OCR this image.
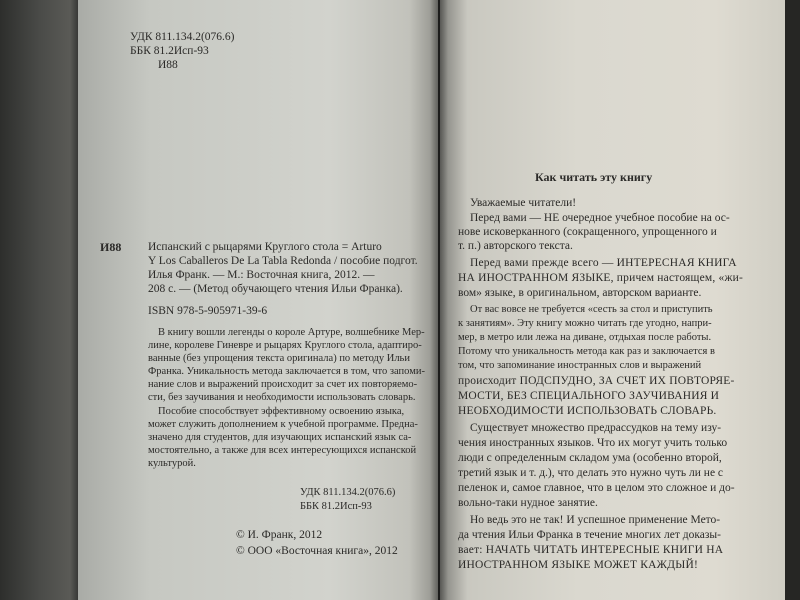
УДК 811.134.2(076.6)
ББК 81.2Исп-93
И88
И88 Испанский с рыцарями Круглого стола = Arturo
Y Los Caballeros De La Tabla Redonda / пособие подгот.
Илья Франк. — М.: Восточная книга, 2012. —
208 с. — (Метод обучающего чтения Ильи Франка).
ISBN 978-5-905971-39-6
В книгу вошли легенды о короле Артуре, волшебнике Мер-
лине, королеве Гиневре и рыцарях Круглого стола, адаптиро-
ванные (без упрощения текста оригинала) по методу Ильи
Франка. Уникальность метода заключается в том, что запоми-
нание слов и выражений происходит за счет их повторяемо-
сти, без заучивания и необходимости использовать словарь.
Пособие способствует эффективному освоению языка,
может служить дополнением к учебной программе. Предна-
значено для студентов, для изучающих испанский язык са-
мостоятельно, а также для всех интересующихся испанской
культурой.
УДК 811.134.2(076.6)
ББК 81.2Исп-93
© И. Франк, 2012
© ООО «Восточная книга», 2012
Как читать эту книгу
Уважаемые читатели!
Перед вами — НЕ очередное учебное пособие на ос-
нове исковерканного (сокращенного, упрощенного и
т. п.) авторского текста.
Перед вами прежде всего — ИНТЕРЕСНАЯ КНИГА
НА ИНОСТРАННОМ ЯЗЫКЕ, причем настоящем, «жи-
вом» языке, в оригинальном, авторском варианте.
От вас вовсе не требуется «сесть за стол и приступить
к занятиям». Эту книгу можно читать где угодно, напри-
мер, в метро или лежа на диване, отдыхая после работы.
Потому что уникальность метода как раз и заключается в
том, что запоминание иностранных слов и выражений
происходит ПОДСПУДНО, ЗА СЧЕТ ИХ ПОВТОРЯЕ-
МОСТИ, БЕЗ СПЕЦИАЛЬНОГО ЗАУЧИВАНИЯ И
НЕОБХОДИМОСТИ ИСПОЛЬЗОВАТЬ СЛОВАРЬ.
Существует множество предрассудков на тему изу-
чения иностранных языков. Что их могут учить только
люди с определенным складом ума (особенно второй,
третий язык и т. д.), что делать это нужно чуть ли не с
пеленок и, самое главное, что в целом это сложное и до-
вольно-таки нудное занятие.
Но ведь это не так! И успешное применение Мето-
да чтения Ильи Франка в течение многих лет доказы-
вает: НАЧАТЬ ЧИТАТЬ ИНТЕРЕСНЫЕ КНИГИ НА
ИНОСТРАННОМ ЯЗЫКЕ МОЖЕТ КАЖДЫЙ!
